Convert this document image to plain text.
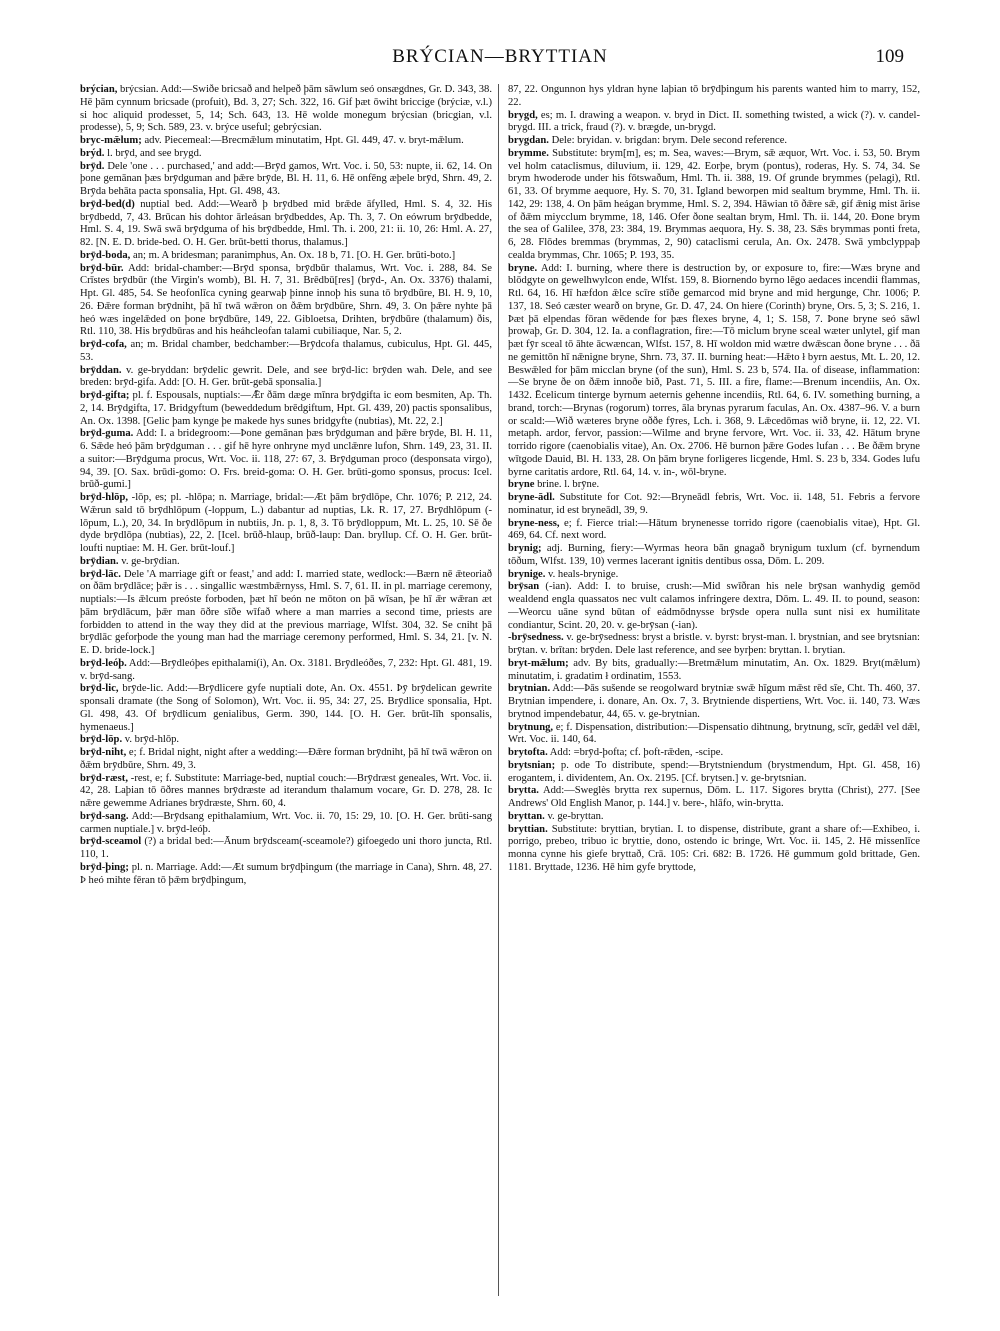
BRÝCIAN—BRYTTIAN	109
brýcian, brýcsian. Add:—Swiðe bricsað and helpeð þām sāwlum seó onsægdnes, Gr. D. 343, 38. Hē þām cynnum bricsade (profuit), Bd. 3, 27; Sch. 322, 16. Gif þæt ōwiht briccige (brýciæ, v.l.) si hoc aliquid prodesset, 5, 14; Sch. 643, 13. Hē wolde monegum brýcsian (bricgian, v.l. prodesse), 5, 9; Sch. 589, 23. v. brýce useful; gebrýcsian.
bryc-mǣlum; adv. Piecemeal:—Brecmǣlum minutatim, Hpt. Gl. 449, 47. v. bryt-mǣlum.
brýd. l. brȳd, and see brygd.
brȳd. Dele 'one . . . purchased,' and add:—Brȳd gamos, Wrt. Voc. i. 50, 53: nupte, ii. 62, 14. On þone gemānan þæs brȳdguman and þǣre brȳde, Bl. H. 11, 6. Hē onfēng æþele brȳd, Shrn. 49, 2. Brȳda behāta pacta sponsalia, Hpt. Gl. 498, 43.
brȳd-bed(d) nuptial bed. Add:—Wearð þ brȳdbed mid brǣde āfylled, Hml. S. 4, 32. His brȳdbedd, 7, 43. Brūcan his dohtor ārleásan brȳdbeddes, Ap. Th. 3, 7. On eówrum brȳdbedde, Hml. S. 4, 19. Swā swā brȳdguma of his brȳdbedde, Hml. Th. i. 200, 21: ii. 10, 26: Hml. A. 27, 82. [N. E. D. bride-bed. O. H. Ger. brūt-betti thorus, thalamus.]
brȳd-boda, an; m. A bridesman; paranimphus, An. Ox. 18 b, 71. [O. H. Ger. brūti-boto.]
brȳd-būr. Add: bridal-chamber:—Brȳd sponsa, brȳdbūr thalamus, Wrt. Voc. i. 288, 84. Se Crīstes brȳdbūr (the Virgin's womb), Bl. H. 7, 31. Brēdbū[res] (brȳd-, An. Ox. 3376) thalami, Hpt. Gl. 485, 54. Se heofonlīca cyning gearwaþ þinne innoþ his suna tō brȳdbūre, Bl. H. 9, 10, 26. Ðǣre forman brȳdniht, þā hī twā wǣron on ðǣm brȳdbūre, Shrn. 49, 3. On þǣre nyhte þā heó wæs ingelǣded on þone brȳdbūre, 149, 22. Gibloetsa, Drihten, brȳdbūre (thalamum) ðis, Rtl. 110, 38. His brȳdbūras and his heáhcleofan talami cubiliaque, Nar. 5, 2.
brȳd-cofa, an; m. Bridal chamber, bedchamber:—Brȳdcofa thalamus, cubiculus, Hpt. Gl. 445, 53.
brȳddan. v. ge-bryddan: brȳdelic gewrit. Dele, and see brȳd-lic: brȳden wah. Dele, and see breden: brȳd-gifa. Add: [O. H. Ger. brūt-gebā sponsalia.]
brȳd-gifta; pl. f. Espousals, nuptials:—Ǣr ðām dæge mīnra brȳdgifta ic eom besmiten, Ap. Th. 2, 14. Brȳdgifta, 17. Bridgyftum (beweddedum brēdgiftum, Hpt. Gl. 439, 20) pactis sponsalibus, An. Ox. 1398. [Gelic þam kynge þe makede hys sunes bridgyfte (nubtias), Mt. 22, 2.]
brȳd-guma. Add: I. a bridegroom:—Þone gemānan þæs brȳdguman and þǣre brȳde, Bl. H. 11, 6. Sǣde heó þām brȳdguman . . . gif hē hyre onhryne myd unclǣnre lufon, Shrn. 149, 23, 31. II. a suitor:—Brȳdguma procus, Wrt. Voc. ii. 118, 27: 67, 3. Brȳdguman proco (desponsata virgo), 94, 39. [O. Sax. brūdi-gomo: O. Frs. breid-goma: O. H. Ger. brūti-gomo sponsus, procus: Icel. brūð-gumi.]
brȳd-hlōp, -lōp, es; pl. -hlōpa; n. Marriage, bridal:—Æt þām brȳdlōpe, Chr. 1076; P. 212, 24. Wǣrun sald tō brȳdhlōpum (-loppum, L.) dabantur ad nuptias, Lk. R. 17, 27. Brȳdhlōpum (-lōpum, L.), 20, 34. In brȳdlōpum in nubtiis, Jn. p. 1, 8, 3. Tō brȳdloppum, Mt. L. 25, 10. Sē ðe dyde brȳdlōpa (nubtias), 22, 2. [Icel. brūð-hlaup, brūð-laup: Dan. bryllup. Cf. O. H. Ger. brūt-loufti nuptiae: M. H. Ger. brūt-louf.]
brȳdian. v. ge-brȳdian.
brȳd-lāc. Dele 'A marriage gift or feast,' and add: I. married state, wedlock:—Bærn nē ǣteoriað on ðām brȳdlāce; þǣr is . . . singallic wæstmbǣrnyss, Hml. S. 7, 61. II. in pl. marriage ceremony, nuptials:—Is ǣlcum preóste forboden, þæt hī beón ne mōton on þā wīsan, þe hī ǣr wǣran æt þām brȳdlācum, þǣr man ōðre sīðe wīfað where a man marries a second time, priests are forbidden to attend in the way they did at the previous marriage, Wlfst. 304, 32. Se cniht þā brȳdlāc geforþode the young man had the marriage ceremony performed, Hml. S. 34, 21. [v. N. E. D. bride-lock.]
brȳd-leóþ. Add:—Brȳdleóþes epithalami(i), An. Ox. 3181. Brȳdleóðes, 7, 232: Hpt. Gl. 481, 19. v. brȳd-sang.
brȳd-lic, brȳde-lic. Add:—Brȳdlicere gyfe nuptiali dote, An. Ox. 4551. Þȳ brȳdelican gewrite sponsali dramate (the Song of Solomon), Wrt. Voc. ii. 95, 34: 27, 25. Brȳdlice sponsalia, Hpt. Gl. 498, 43. Of brȳdlicum genialibus, Germ. 390, 144. [O. H. Ger. brūt-līh sponsalis, hymenaeus.]
brȳd-lōp. v. brȳd-hlōp.
brȳd-niht, e; f. Bridal night, night after a wedding:—Ðǣre forman brȳdniht, þā hī twā wǣron on ðǣm brȳdbūre, Shrn. 49, 3.
brȳd-ræst, -rest, e; f. Substitute: Marriage-bed, nuptial couch:—Brȳdræst geneales, Wrt. Voc. ii. 42, 28. Laþian tō ōðres mannes brȳdræste ad iterandum thalamum vocare, Gr. D. 278, 28. Ic nǣre gewemme Adrianes brȳdræste, Shrn. 60, 4.
brȳd-sang. Add:—Brȳdsang epithalamium, Wrt. Voc. ii. 70, 15: 29, 10. [O. H. Ger. brūti-sang carmen nuptiale.] v. brȳd-leóþ.
brȳd-sceamol (?) a bridal bed:—Ānum brȳdsceam(-sceamole?) gifoegedo uni thoro juncta, Rtl. 110, 1.
brȳd-þing; pl. n. Marriage. Add:—Æt sumum brȳdþingum (the marriage in Cana), Shrn. 48, 27. Þ heó mihte fēran tō þǣm brȳdþingum,
87, 22. Ongunnon hys yldran hyne laþian tō brȳdþingum his parents wanted him to marry, 152, 22.
brygd, es; m. I. drawing a weapon. v. bryd in Dict. II. something twisted, a wick (?). v. candel-brygd. III. a trick, fraud (?). v. brægde, un-brygd.
brygdan. Dele: bryidan. v. brigdan: brym. Dele second reference.
brymme. Substitute: brym[m], es; m. Sea, waves:—Brym, sǣ æquor, Wrt. Voc. i. 53, 50. Brym vel holm cataclismus, diluvium, ii. 129, 42. Eorþe, brym (pontus), roderas, Hy. S. 74, 34. Se brym hwoderode under his fōtswaðum, Hml. Th. ii. 388, 19. Of grunde brymmes (pelagi), Rtl. 61, 33. Of brymme aequore, Hy. S. 70, 31. Īgland beworpen mid sealtum brymme, Hml. Th. ii. 142, 29: 138, 4. On þām heágan brymme, Hml. S. 2, 394. Hāwian tō ðǣre sǣ, gif ǣnig mist ārise of ðǣm miycclum brymme, 18, 146. Ofer ðone sealtan brym, Hml. Th. ii. 144, 20. Ðone brym the sea of Galilee, 378, 23: 384, 19. Brymmas aequora, Hy. S. 38, 23. Sǣs brymmas ponti freta, 6, 28. Flōdes bremmas (brymmas, 2, 90) cataclismi cerula, An. Ox. 2478. Swā ymbclyppaþ cealda brymmas, Chr. 1065; P. 193, 35.
bryne. Add: I. burning, where there is destruction by, or exposure to, fire:—Wæs bryne and blōdgyte on gewelhwylcon ende, Wlfst. 159, 8. Biornendo byrno lēgo aedaces incendii flammas, Rtl. 64, 16. Hī hæfdon ǣlce scīre stīðe gemarcod mid bryne and mid hergunge, Chr. 1006; P. 137, 18. Seó cæster wearð on bryne, Gr. D. 47, 24. On hiere (Corinth) bryne, Ors. 5, 3; S. 216, 1. Þæt þā elpendas fōran wēdende for þæs flexes bryne, 4, 1; S. 158, 7. Þone bryne seó sāwl þrowaþ, Gr. D. 304, 12. Ia. a conflagration, fire:—Tō miclum bryne sceal wæter unlytel, gif man þæt fȳr sceal tō āhte ācwæncan, Wlfst. 157, 8. Hī woldon mid wætre dwǣscan ðone bryne . . . ðā ne gemittōn hī nǣnigne bryne, Shrn. 73, 37. II. burning heat:—Hǣto ł byrn aestus, Mt. L. 20, 12. Beswǣled for þām micclan bryne (of the sun), Hml. S. 23 b, 574. IIa. of disease, inflammation:—Se bryne ðe on ðǣm innoðe bið, Past. 71, 5. III. a fire, flame:—Brenum incendiis, An. Ox. 1432. Ēcelicum tinterge byrnum aeternis gehenne incendiis, Rtl. 64, 6. IV. something burning, a brand, torch:—Brynas (rogorum) torres, āla brynas pyrarum faculas, An. Ox. 4387–96. V. a burn or scald:—Wið wæteres bryne oððe fȳres, Lch. i. 368, 9. Lǣcedōmas wið bryne, ii. 12, 22. VI. metaph. ardor, fervor, passion:—Wilme and bryne fervore, Wrt. Voc. ii. 33, 42. Hātum bryne torrido rigore (caenobialis vitae), An. Ox. 2706. Hē burnon þǣre Godes lufan . . . Be ðǣm bryne wītgode Dauid, Bl. H. 133, 28. On þām bryne forligeres licgende, Hml. S. 23 b, 334. Godes lufu byrne caritatis ardore, Rtl. 64, 14. v. in-, wōl-bryne.
bryne brine. l. brȳne.
bryne-ādl. Substitute for Cot. 92:—Bryneādl febris, Wrt. Voc. ii. 148, 51. Febris a fervore nominatur, id est bryneādl, 39, 9.
bryne-ness, e; f. Fierce trial:—Hātum brynenesse torrido rigore (caenobialis vitae), Hpt. Gl. 469, 64. Cf. next word.
brynig; adj. Burning, fiery:—Wyrmas heora bān gnagað brynigum tuxlum (cf. byrnendum tōðum, Wlfst. 139, 10) vermes lacerant ignitis dentibus ossa, Dōm. L. 209.
brynige. v. heals-brynige.
brȳsan (-ian). Add: I. to bruise, crush:—Mid swīðran his nele brȳsan wanhydig gemōd wealdend engla quassatos nec vult calamos infringere dextra, Dōm. L. 49. II. to pound, season:—Weorcu uāne synd būtan of eádmōdnysse brȳsde opera nulla sunt nisi ex humilitate condiantur, Scint. 20, 20. v. ge-brȳsan (-ian).
-brȳsedness. v. ge-brȳsedness: bryst a bristle. v. byrst: bryst-man. l. brystnian, and see brytsnian: brȳtan. v. brītan: brȳden. Dele last reference, and see byrþen: bryttan. l. brytian.
bryt-mǣlum; adv. By bits, gradually:—Bretmǣlum minutatim, An. Ox. 1829. Bryt(mǣlum) minutatim, i. gradatim ł ordinatim, 1553.
brytnian. Add:—Þās sušende se reogolward brytniæ swǣ hīgum mǣst rēd sīe, Cht. Th. 460, 37. Brytnian impendere, i. donare, An. Ox. 7, 3. Brytniende dispertiens, Wrt. Voc. ii. 140, 73. Wæs brytnod impendebatur, 44, 65. v. ge-brytnian.
brytnung, e; f. Dispensation, distribution:—Dispensatio dihtnung, brytnung, scīr, gedǣl vel dǣl, Wrt. Voc. ii. 140, 64.
brytofta. Add: =brȳd-þofta; cf. þoft-rǣden, -scipe.
brytsnian; p. ode To distribute, spend:—Brytstniendum (brystmendum, Hpt. Gl. 458, 16) erogantem, i. dividentem, An. Ox. 2195. [Cf. brytsen.] v. ge-brytsnian.
brytta. Add:—Sweglès brytta rex supernus, Dōm. L. 117. Sigores brytta (Christ), 277. [See Andrews' Old English Manor, p. 144.] v. bere-, hlāfo, win-brytta.
bryttan. v. ge-bryttan.
bryttian. Substitute: bryttian, brytian. I. to dispense, distribute, grant a share of:—Exhibeo, i. porrigo, prebeo, tribuo ic bryttie, dono, ostendo ic bringe, Wrt. Voc. ii. 145, 2. Hē missenlīce monna cynne his giefe bryttað, Crā. 105: Cri. 682: B. 1726. Hē gummum gold brittade, Gen. 1181. Bryttade, 1236. Hē him gyfe bryttode,
